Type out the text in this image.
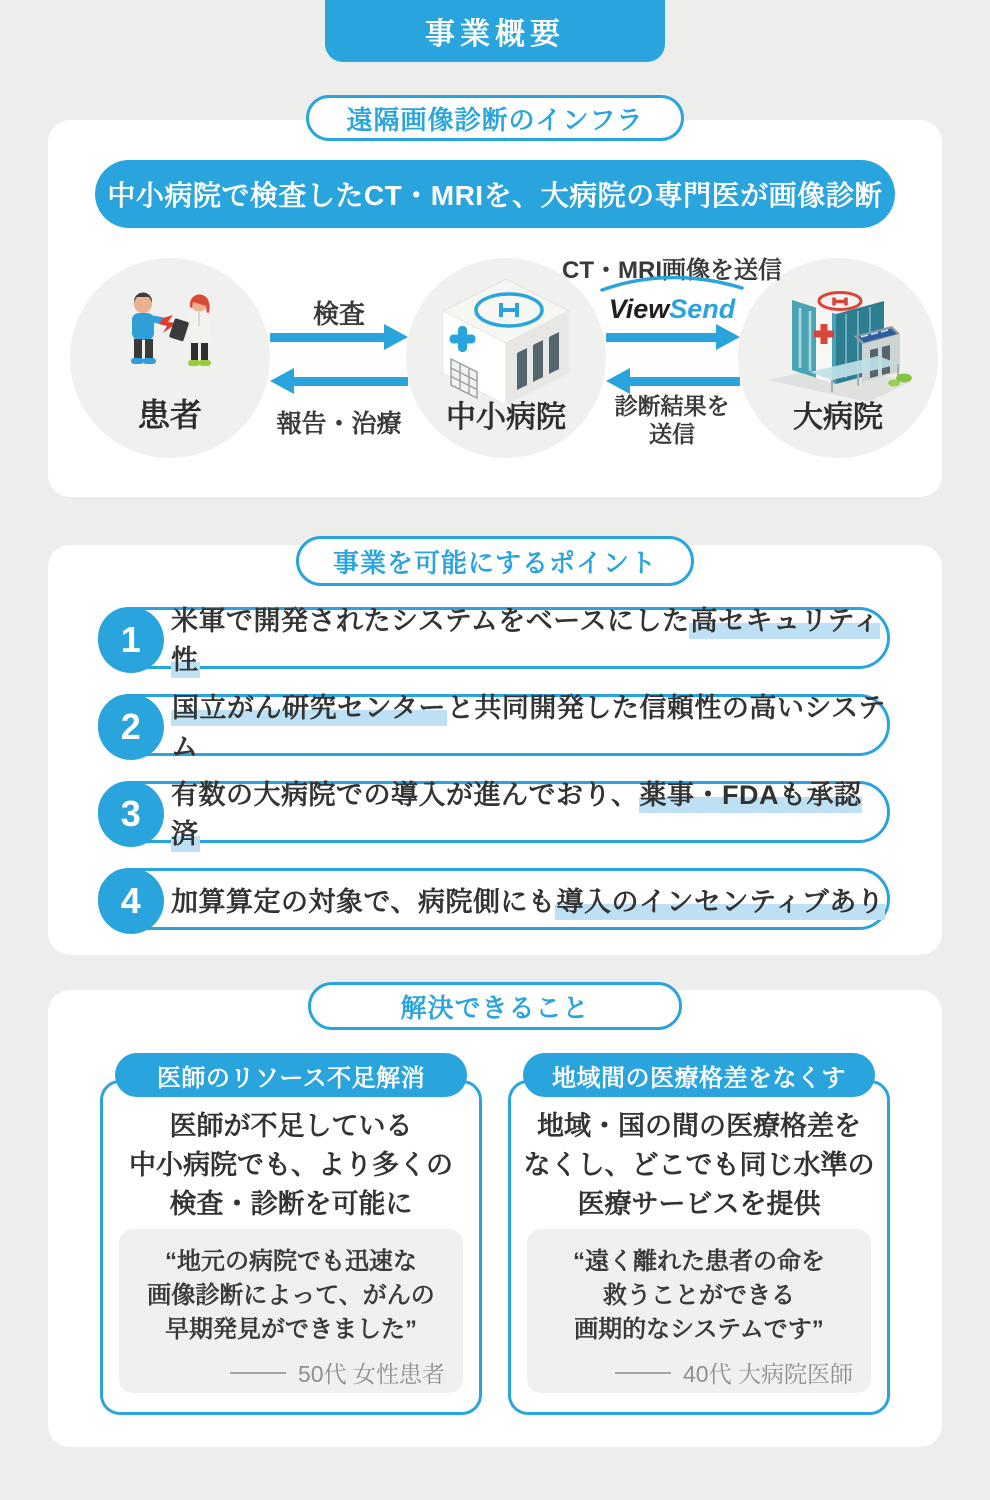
事業概要
遠隔画像診断のインフラ
中小病院で検査したCT・MRIを、大病院の専門医が画像診断
患者	中小病院	大病院
検査
報告・治療
CT・MRI画像を送信
ViewSend
診断結果を
送信
事業を可能にするポイント
1	米軍で開発されたシステムをベースにした高セキュリティ性
2	国立がん研究センターと共同開発した信頼性の高いシステム
3	有数の大病院での導入が進んでおり、薬事・FDAも承認済
4	加算算定の対象で、病院側にも導入のインセンティブあり
解決できること
医師のリソース不足解消
医師が不足している
中小病院でも、より多くの
検査・診断を可能に
“地元の病院でも迅速な
画像診断によって、がんの
早期発見ができました”
50代 女性患者
地域間の医療格差をなくす
地域・国の間の医療格差を
なくし、どこでも同じ水準の
医療サービスを提供
“遠く離れた患者の命を
救うことができる
画期的なシステムです”
40代 大病院医師
